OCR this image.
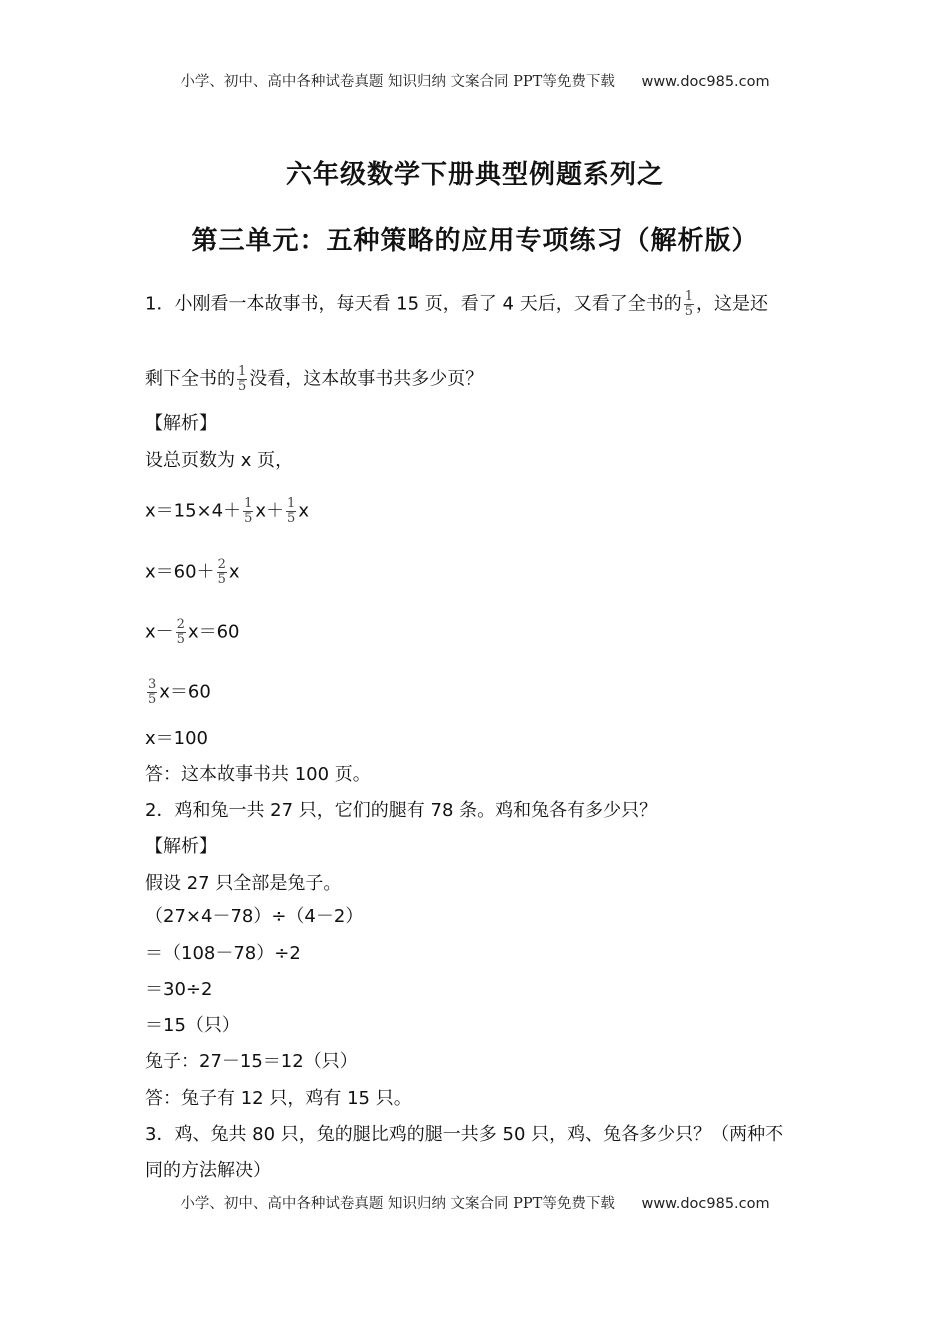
小学、初中、高中各种试卷真题 知识归纳 文案合同 PPT等免费下载 www.doc985.com
六年级数学下册典型例题系列之
第三单元：五种策略的应用专项练习（解析版）
1．小刚看一本故事书，每天看 15 页，看了 4 天后，又看了全书的 $\frac{1}{5}$ ，这是还
剩下全书的 $\frac{1}{5}$ 没看，这本故事书共多少页？
【解析】
设总页数为 x 页，
$x=15\times 4+ \frac{1}{5} x+ \frac{1}{5}$ x
$x=60+ \frac{2}{5}$ x
$x- \frac{2}{5} x=60$
$\frac{3}{5} x=60$
x＝100
答：这本故事书共 100 页。
2．鸡和兔一共 27 只，它们的腿有 78 条。鸡和兔各有多少只？
【解析】
假设 27 只全部是兔子。
（27×4－78）÷（4－2）
＝（108－78）÷2
＝30÷2
＝15（只）
兔子：27－15＝12（只）
答：兔子有 12 只，鸡有 15 只。
3．鸡、兔共 80 只，兔的腿比鸡的腿一共多 50 只，鸡、兔各多少只？（两种不
同的方法解决）
小学、初中、高中各种试卷真题 知识归纳 文案合同 PPT等免费下载 www.doc985.com
